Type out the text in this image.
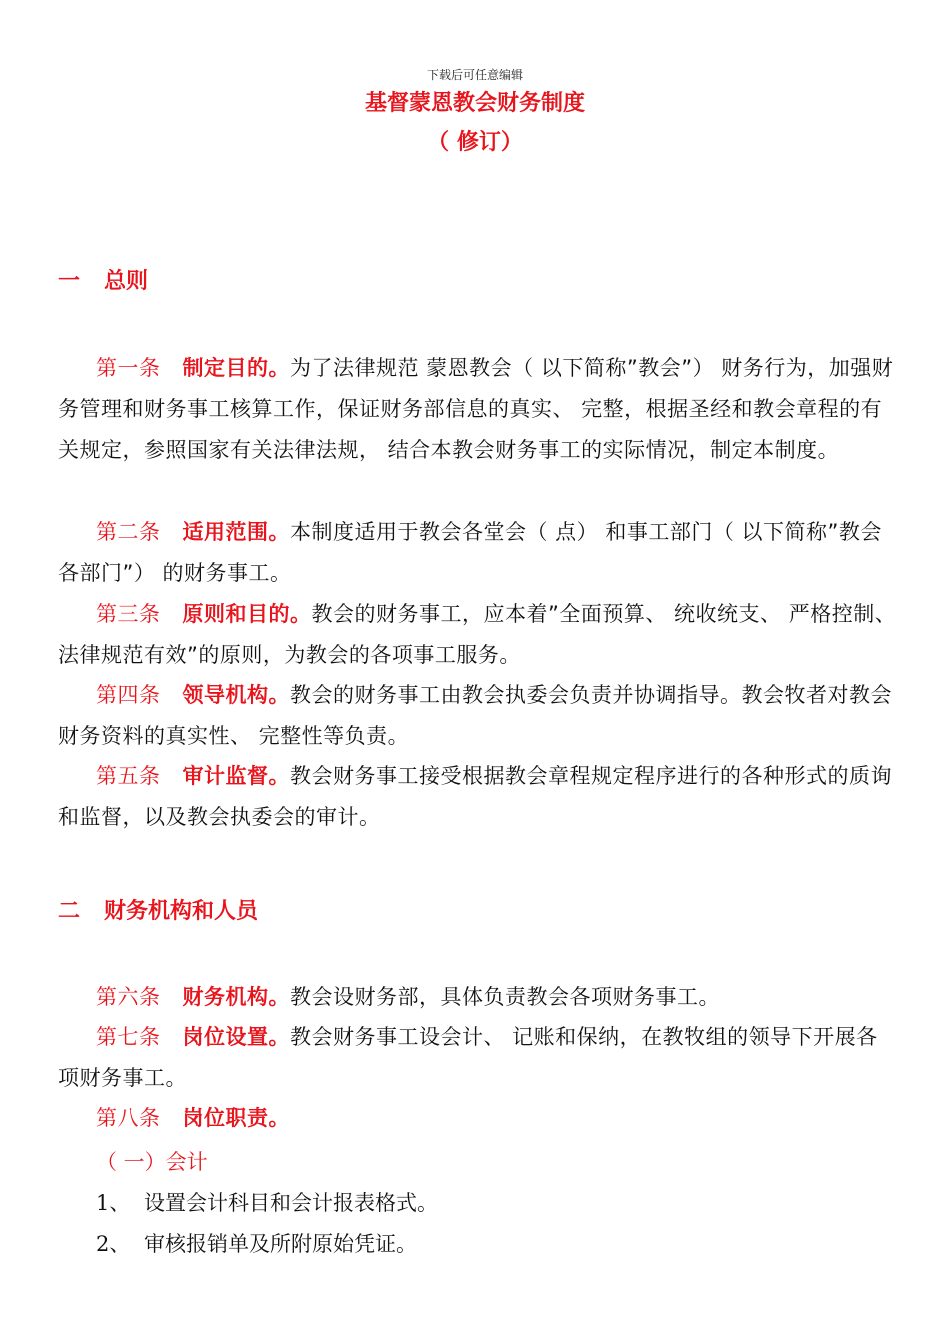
下载后可任意编辑
基督蒙恩教会财务制度
（ 修订）
一 总则
第一条 制定目的。为了法律规范 蒙恩教会（ 以下简称”教会”） 财务行为，加强财务管理和财务事工核算工作，保证财务部信息的真实、 完整，根据圣经和教会章程的有关规定，参照国家有关法律法规， 结合本教会财务事工的实际情况，制定本制度。
第二条 适用范围。本制度适用于教会各堂会（ 点） 和事工部门（ 以下简称”教会各部门”） 的财务事工。
第三条 原则和目的。教会的财务事工，应本着”全面预算、 统收统支、 严格控制、 法律规范有效”的原则，为教会的各项事工服务。
第四条 领导机构。教会的财务事工由教会执委会负责并协调指导。教会牧者对教会财务资料的真实性、 完整性等负责。
第五条 审计监督。教会财务事工接受根据教会章程规定程序进行的各种形式的质询和监督，以及教会执委会的审计。
二 财务机构和人员
第六条 财务机构。教会设财务部，具体负责教会各项财务事工。
第七条 岗位设置。教会财务事工设会计、 记账和保纳，在教牧组的领导下开展各项财务事工。
第八条 岗位职责。
（ 一）会计
1、 设置会计科目和会计报表格式。
2、 审核报销单及所附原始凭证。
